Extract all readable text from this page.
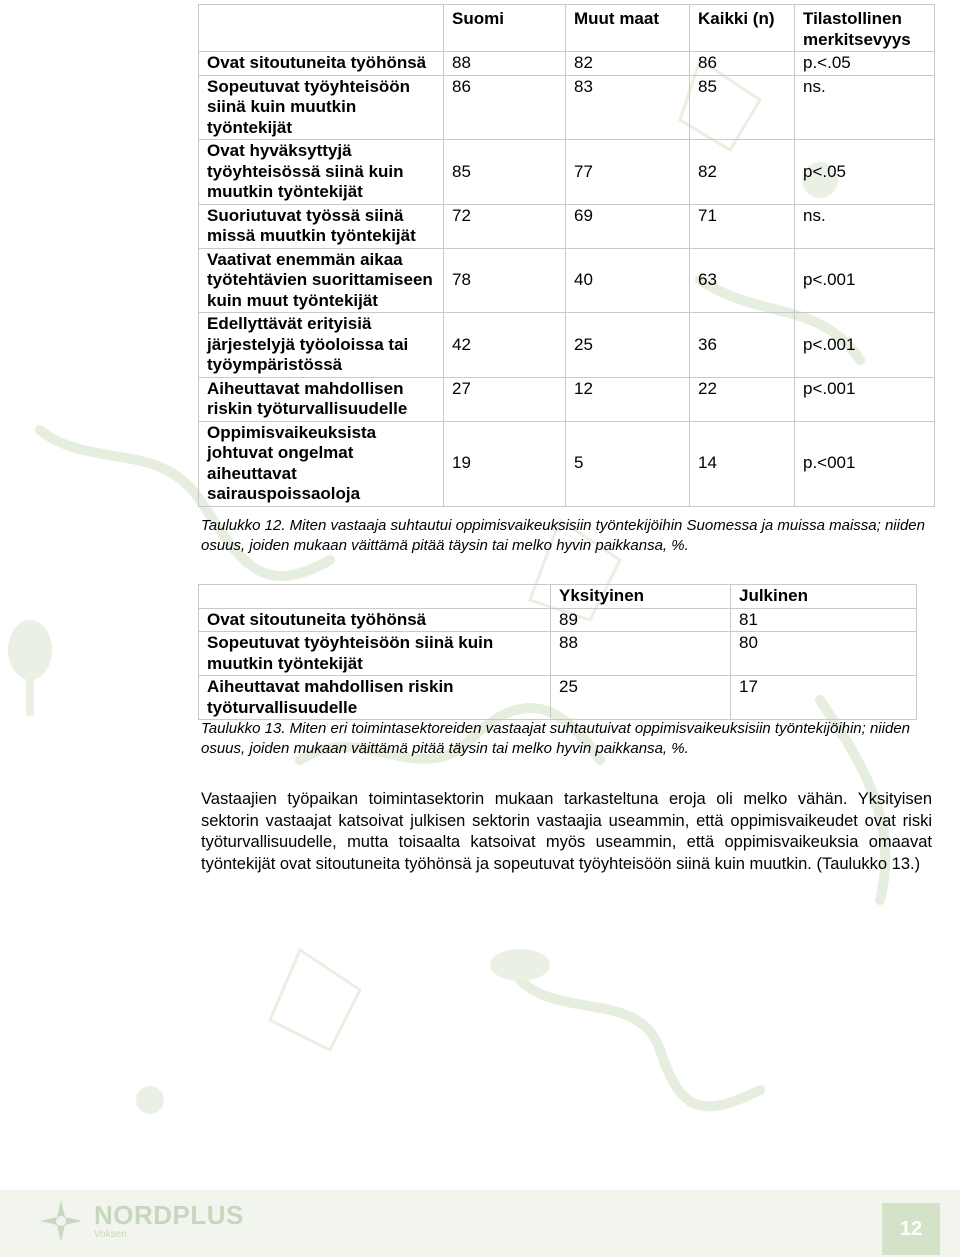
	Suomi	Muut maat	Kaikki (n)	Tilastollinen merkitsevyys
Ovat sitoutuneita työhönsä	88	82	86	p.<.05
Sopeutuvat työyhteisöön siinä kuin muutkin työntekijät	86	83	85	ns.
Ovat hyväksyttyjä työyhteisössä siinä kuin muutkin työntekijät	85	77	82	p<.05
Suoriutuvat työssä siinä missä muutkin työntekijät	72	69	71	ns.
Vaativat enemmän aikaa työtehtävien suorittamiseen kuin muut työntekijät	78	40	63	p<.001
Edellyttävät erityisiä järjestelyjä työoloissa tai työympäristössä	42	25	36	p<.001
Aiheuttavat mahdollisen riskin työturvallisuudelle	27	12	22	p<.001
Oppimisvaikeuksista johtuvat ongelmat aiheuttavat sairauspoissaoloja	19	5	14	p.<001
Taulukko 12. Miten vastaaja suhtautui oppimisvaikeuksisiin työntekijöihin Suomessa ja muissa maissa; niiden osuus, joiden mukaan väittämä pitää täysin tai melko hyvin paikkansa, %.
	Yksityinen	Julkinen
Ovat sitoutuneita työhönsä	89	81
Sopeutuvat työyhteisöön siinä kuin muutkin työntekijät	88	80
Aiheuttavat mahdollisen riskin työturvallisuudelle	25	17
Taulukko 13. Miten eri toimintasektoreiden vastaajat suhtautuivat oppimisvaikeuksisiin työntekijöihin; niiden osuus, joiden mukaan väittämä pitää täysin tai melko hyvin paikkansa, %.
Vastaajien työpaikan toimintasektorin mukaan tarkasteltuna eroja oli melko vähän. Yksityisen sektorin vastaajat katsoivat julkisen sektorin vastaajia useammin, että oppimisvaikeudet ovat riski työturvallisuudelle, mutta toisaalta katsoivat myös useammin, että oppimisvaikeuksia omaavat työntekijät ovat sitoutuneita työhönsä ja sopeutuvat työyhteisöön siinä kuin muutkin. (Taulukko 13.)
NORDPLUS
Voksen	12
